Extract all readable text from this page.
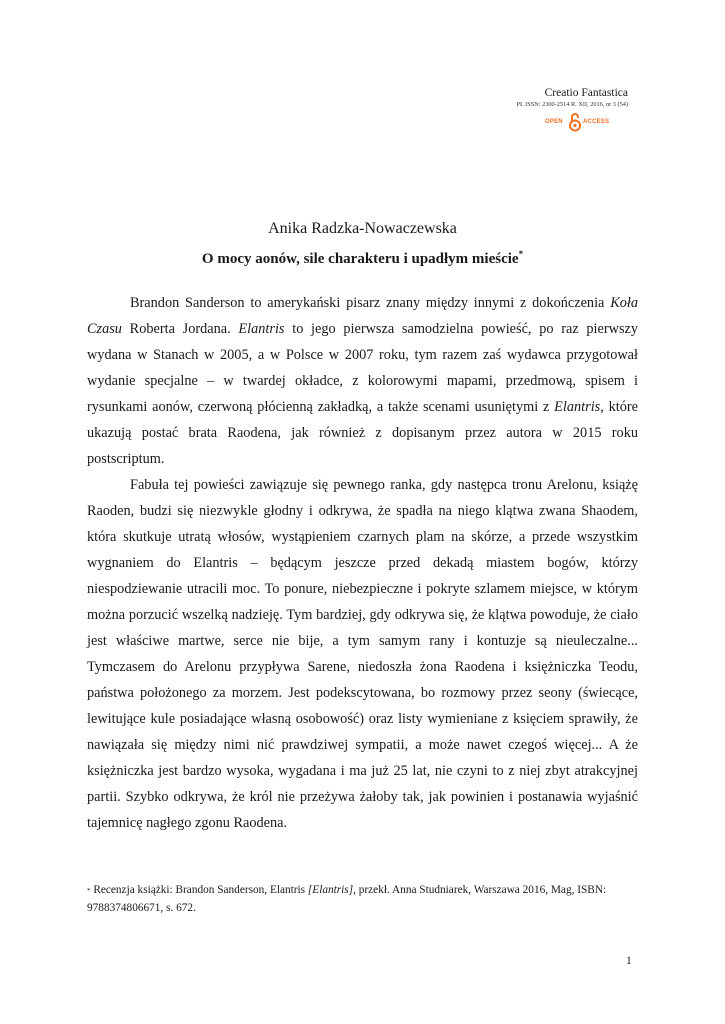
Creatio Fantastica
PL ISSN: 2300-2514 R. XII, 2016, nr 3 (54)
OPEN	ACCESS
Anika Radzka-Nowaczewska
O mocy aonów, sile charakteru i upadłym mieście*

Brandon Sanderson to amerykański pisarz znany między innymi z dokończenia Koła Czasu Roberta Jordana. Elantris to jego pierwsza samodzielna powieść, po raz pierwszy wydana w Stanach w 2005, a w Polsce w 2007 roku, tym razem zaś wydawca przygotował wydanie specjalne – w twardej okładce, z kolorowymi mapami, przedmową, spisem i rysunkami aonów, czerwoną płócienną zakładką, a także scenami usuniętymi z Elantris, które ukazują postać brata Raodena, jak również z dopisanym przez autora w 2015 roku postscriptum.

Fabuła tej powieści zawiązuje się pewnego ranka, gdy następca tronu Arelonu, książę Raoden, budzi się niezwykle głodny i odkrywa, że spadła na niego klątwa zwana Shaodem, która skutkuje utratą włosów, wystąpieniem czarnych plam na skórze, a przede wszystkim wygnaniem do Elantris – będącym jeszcze przed dekadą miastem bogów, którzy niespodziewanie utracili moc. To ponure, niebezpieczne i pokryte szlamem miejsce, w którym można porzucić wszelką nadzieję. Tym bardziej, gdy odkrywa się, że klątwa powoduje, że ciało jest właściwe martwe, serce nie bije, a tym samym rany i kontuzje są nieuleczalne... Tymczasem do Arelonu przypływa Sarene, niedoszła żona Raodena i księżniczka Teodu, państwa położonego za morzem. Jest podekscytowana, bo rozmowy przez seony (świecące, lewitujące kule posiadające własną osobowość) oraz listy wymieniane z księciem sprawiły, że nawiązała się między nimi nić prawdziwej sympatii, a może nawet czegoś więcej... A że księżniczka jest bardzo wysoka, wygadana i ma już 25 lat, nie czyni to z niej zbyt atrakcyjnej partii. Szybko odkrywa, że król nie przeżywa żałoby tak, jak powinien i postanawia wyjaśnić tajemnicę nagłego zgonu Raodena.

* Recenzja książki: Brandon Sanderson, Elantris [Elantris], przekł. Anna Studniarek, Warszawa 2016, Mag, ISBN: 9788374806671, s. 672.
1
